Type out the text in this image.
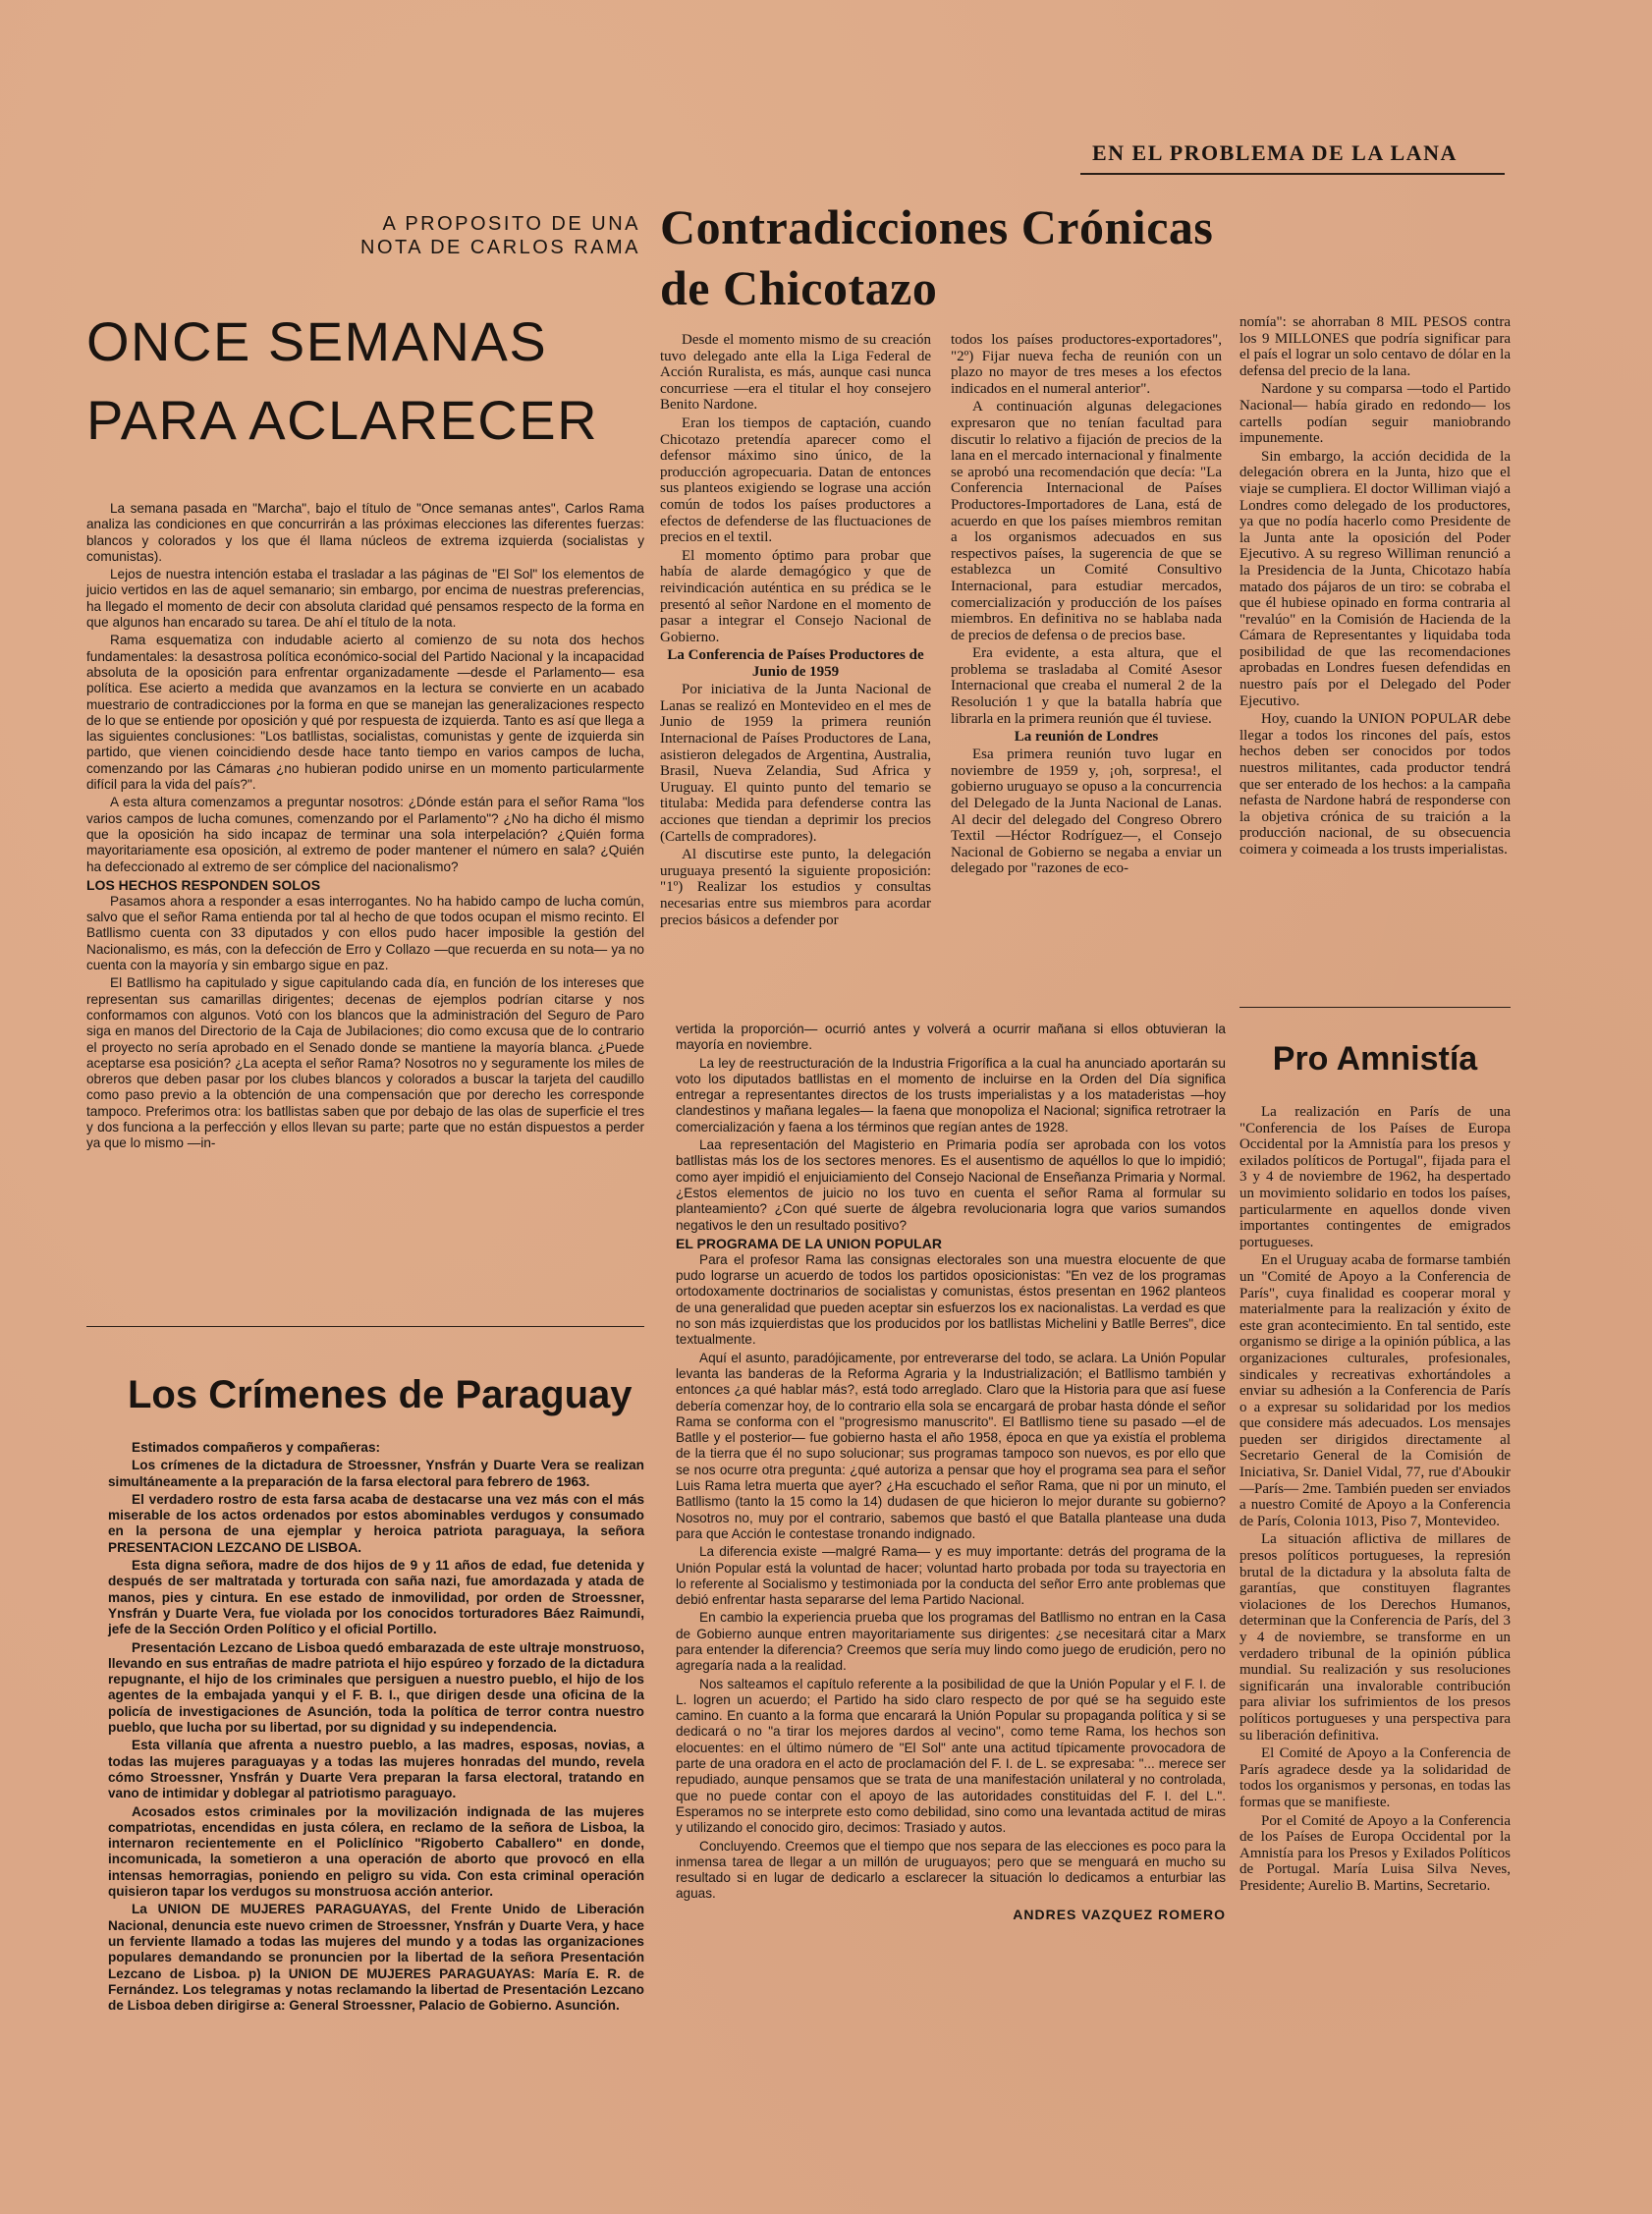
EN EL PROBLEMA DE LA LANA
A PROPOSITO DE UNA
NOTA DE CARLOS RAMA Contradicciones Crónicas
de Chicotazo
ONCE SEMANAS
PARA ACLARECER

La semana pasada en "Marcha", bajo el título de "Once semanas antes", Carlos Rama analiza las condiciones en que concurrirán a las próximas elecciones las diferentes fuerzas: blancos y colorados y los que él llama núcleos de extrema izquierda (socialistas y comunistas).

Lejos de nuestra intención estaba el trasladar a las páginas de "El Sol" los elementos de juicio vertidos en las de aquel semanario; sin embargo, por encima de nuestras preferencias, ha llegado el momento de decir con absoluta claridad qué pensamos respecto de la forma en que algunos han encarado su tarea. De ahí el título de la nota.

Rama esquematiza con indudable acierto al comienzo de su nota dos hechos fundamentales: la desastrosa política económico-social del Partido Nacional y la incapacidad absoluta de la oposición para enfrentar organizadamente —desde el Parlamento— esa política. Ese acierto a medida que avanzamos en la lectura se convierte en un acabado muestrario de contradicciones por la forma en que se manejan las generalizaciones respecto de lo que se entiende por oposición y qué por respuesta de izquierda. Tanto es así que llega a las siguientes conclusiones: "Los batllistas, socialistas, comunistas y gente de izquierda sin partido, que vienen coincidiendo desde hace tanto tiempo en varios campos de lucha, comenzando por las Cámaras ¿no hubieran podido unirse en un momento particularmente difícil para la vida del país?".

A esta altura comenzamos a preguntar nosotros: ¿Dónde están para el señor Rama "los varios campos de lucha comunes, comenzando por el Parlamento"? ¿No ha dicho él mismo que la oposición ha sido incapaz de terminar una sola interpelación? ¿Quién forma mayoritariamente esa oposición, al extremo de poder mantener el número en sala? ¿Quién ha defeccionado al extremo de ser cómplice del nacionalismo?

LOS HECHOS RESPONDEN SOLOS

Pasamos ahora a responder a esas interrogantes. No ha habido campo de lucha común, salvo que el señor Rama entienda por tal al hecho de que todos ocupan el mismo recinto. El Batllismo cuenta con 33 diputados y con ellos pudo hacer imposible la gestión del Nacionalismo, es más, con la defección de Erro y Collazo —que recuerda en su nota— ya no cuenta con la mayoría y sin embargo sigue en paz.

El Batllismo ha capitulado y sigue capitulando cada día, en función de los intereses que representan sus camarillas dirigentes; decenas de ejemplos podrían citarse y nos conformamos con algunos. Votó con los blancos que la administración del Seguro de Paro siga en manos del Directorio de la Caja de Jubilaciones; dio como excusa que de lo contrario el proyecto no sería aprobado en el Senado donde se mantiene la mayoría blanca. ¿Puede aceptarse esa posición? ¿La acepta el señor Rama? Nosotros no y seguramente los miles de obreros que deben pasar por los clubes blancos y colorados a buscar la tarjeta del caudillo como paso previo a la obtención de una compensación que por derecho les corresponde tampoco. Preferimos otra: los batllistas saben que por debajo de las olas de superficie el tres y dos funciona a la perfección y ellos llevan su parte; parte que no están dispuestos a perder ya que lo mismo —in-

Desde el momento mismo de su creación tuvo delegado ante ella la Liga Federal de Acción Ruralista, es más, aunque casi nunca concurriese —era el titular el hoy consejero Benito Nardone.

Eran los tiempos de captación, cuando Chicotazo pretendía aparecer como el defensor máximo sino único, de la producción agropecuaria. Datan de entonces sus planteos exigiendo se lograse una acción común de todos los países productores a efectos de defenderse de las fluctuaciones de precios en el textil.

El momento óptimo para probar que había de alarde demagógico y que de reivindicación auténtica en su prédica se le presentó al señor Nardone en el momento de pasar a integrar el Consejo Nacional de Gobierno.

La Conferencia de Países Productores de Junio de 1959

Por iniciativa de la Junta Nacional de Lanas se realizó en Montevideo en el mes de Junio de 1959 la primera reunión Internacional de Países Productores de Lana, asistieron delegados de Argentina, Australia, Brasil, Nueva Zelandia, Sud Africa y Uruguay. El quinto punto del temario se titulaba: Medida para defenderse contra las acciones que tiendan a deprimir los precios (Cartells de compradores).

Al discutirse este punto, la delegación uruguaya presentó la siguiente proposición: "1º) Realizar los estudios y consultas necesarias entre sus miembros para acordar precios básicos a defender por

todos los países productores-exportadores", "2º) Fijar nueva fecha de reunión con un plazo no mayor de tres meses a los efectos indicados en el numeral anterior".

A continuación algunas delegaciones expresaron que no tenían facultad para discutir lo relativo a fijación de precios de la lana en el mercado internacional y finalmente se aprobó una recomendación que decía: "La Conferencia Internacional de Países Productores-Importadores de Lana, está de acuerdo en que los países miembros remitan a los organismos adecuados en sus respectivos países, la sugerencia de que se establezca un Comité Consultivo Internacional, para estudiar mercados, comercialización y producción de los países miembros. En definitiva no se hablaba nada de precios de defensa o de precios base.

Era evidente, a esta altura, que el problema se trasladaba al Comité Asesor Internacional que creaba el numeral 2 de la Resolución 1 y que la batalla habría que librarla en la primera reunión que él tuviese.

La reunión de Londres

Esa primera reunión tuvo lugar en noviembre de 1959 y, ¡oh, sorpresa!, el gobierno uruguayo se opuso a la concurrencia del Delegado de la Junta Nacional de Lanas. Al decir del delegado del Congreso Obrero Textil —Héctor Rodríguez—, el Consejo Nacional de Gobierno se negaba a enviar un delegado por "razones de eco-

nomía": se ahorraban 8 MIL PESOS contra los 9 MILLONES que podría significar para el país el lograr un solo centavo de dólar en la defensa del precio de la lana.

Nardone y su comparsa —todo el Partido Nacional— había girado en redondo— los cartells podían seguir maniobrando impunemente.

Sin embargo, la acción decidida de la delegación obrera en la Junta, hizo que el viaje se cumpliera. El doctor Williman viajó a Londres como delegado de los productores, ya que no podía hacerlo como Presidente de la Junta ante la oposición del Poder Ejecutivo. A su regreso Williman renunció a la Presidencia de la Junta, Chicotazo había matado dos pájaros de un tiro: se cobraba el que él hubiese opinado en forma contraria al "revalúo" en la Comisión de Hacienda de la Cámara de Representantes y liquidaba toda posibilidad de que las recomendaciones aprobadas en Londres fuesen defendidas en nuestro país por el Delegado del Poder Ejecutivo.

Hoy, cuando la UNION POPULAR debe llegar a todos los rincones del país, estos hechos deben ser conocidos por todos nuestros militantes, cada productor tendrá que ser enterado de los hechos: a la campaña nefasta de Nardone habrá de responderse con la objetiva crónica de su traición a la producción nacional, de su obsecuencia coimera y coimeada a los trusts imperialistas.

vertida la proporción— ocurrió antes y volverá a ocurrir mañana si ellos obtuvieran la mayoría en noviembre.

La ley de reestructuración de la Industria Frigorífica a la cual ha anunciado aportarán su voto los diputados batllistas en el momento de incluirse en la Orden del Día significa entregar a representantes directos de los trusts imperialistas y a los mataderistas —hoy clandestinos y mañana legales— la faena que monopoliza el Nacional; significa retrotraer la comercialización y faena a los términos que regían antes de 1928.

Laa representación del Magisterio en Primaria podía ser aprobada con los votos batllistas más los de los sectores menores. Es el ausentismo de aquéllos lo que lo impidió; como ayer impidió el enjuiciamiento del Consejo Nacional de Enseñanza Primaria y Normal. ¿Estos elementos de juicio no los tuvo en cuenta el señor Rama al formular su planteamiento? ¿Con qué suerte de álgebra revolucionaria logra que varios sumandos negativos le den un resultado positivo?

EL PROGRAMA DE LA UNION POPULAR

Para el profesor Rama las consignas electorales son una muestra elocuente de que pudo lograrse un acuerdo de todos los partidos oposicionistas: "En vez de los programas ortodoxamente doctrinarios de socialistas y comunistas, éstos presentan en 1962 planteos de una generalidad que pueden aceptar sin esfuerzos los ex nacionalistas. La verdad es que no son más izquierdistas que los producidos por los batllistas Michelini y Batlle Berres", dice textualmente.

Aquí el asunto, paradójicamente, por entreverarse del todo, se aclara. La Unión Popular levanta las banderas de la Reforma Agraria y la Industrialización; el Batllismo también y entonces ¿a qué hablar más?, está todo arreglado. Claro que la Historia para que así fuese debería comenzar hoy, de lo contrario ella sola se encargará de probar hasta dónde el señor Rama se conforma con el "progresismo manuscrito". El Batllismo tiene su pasado —el de Batlle y el posterior— fue gobierno hasta el año 1958, época en que ya existía el problema de la tierra que él no supo solucionar; sus programas tampoco son nuevos, es por ello que se nos ocurre otra pregunta: ¿qué autoriza a pensar que hoy el programa sea para el señor Luis Rama letra muerta que ayer? ¿Ha escuchado el señor Rama, que ni por un minuto, el Batllismo (tanto la 15 como la 14) dudasen de que hicieron lo mejor durante su gobierno? Nosotros no, muy por el contrario, sabemos que bastó el que Batalla plantease una duda para que Acción le contestase tronando indignado.

La diferencia existe —malgré Rama— y es muy importante: detrás del programa de la Unión Popular está la voluntad de hacer; voluntad harto probada por toda su trayectoria en lo referente al Socialismo y testimoniada por la conducta del señor Erro ante problemas que debió enfrentar hasta separarse del lema Partido Nacional.

En cambio la experiencia prueba que los programas del Batllismo no entran en la Casa de Gobierno aunque entren mayoritariamente sus dirigentes: ¿se necesitará citar a Marx para entender la diferencia? Creemos que sería muy lindo como juego de erudición, pero no agregaría nada a la realidad.

Nos salteamos el capítulo referente a la posibilidad de que la Unión Popular y el F. I. de L. logren un acuerdo; el Partido ha sido claro respecto de por qué se ha seguido este camino. En cuanto a la forma que encarará la Unión Popular su propaganda política y si se dedicará o no "a tirar los mejores dardos al vecino", como teme Rama, los hechos son elocuentes: en el último número de "El Sol" ante una actitud típicamente provocadora de parte de una oradora en el acto de proclamación del F. I. de L. se expresaba: "... merece ser repudiado, aunque pensamos que se trata de una manifestación unilateral y no controlada, que no puede contar con el apoyo de las autoridades constituidas del F. I. del L.". Esperamos no se interprete esto como debilidad, sino como una levantada actitud de miras y utilizando el conocido giro, decimos: Trasiado y autos.

Concluyendo. Creemos que el tiempo que nos separa de las elecciones es poco para la inmensa tarea de llegar a un millón de uruguayos; pero que se menguará en mucho su resultado si en lugar de dedicarlo a esclarecer la situación lo dedicamos a enturbiar las aguas.

ANDRES VAZQUEZ ROMERO
Los Crímenes de Paraguay

Estimados compañeros y compañeras:

Los crímenes de la dictadura de Stroessner, Ynsfrán y Duarte Vera se realizan simultáneamente a la preparación de la farsa electoral para febrero de 1963.

El verdadero rostro de esta farsa acaba de destacarse una vez más con el más miserable de los actos ordenados por estos abominables verdugos y consumado en la persona de una ejemplar y heroica patriota paraguaya, la señora PRESENTACION LEZCANO DE LISBOA.

Esta digna señora, madre de dos hijos de 9 y 11 años de edad, fue detenida y después de ser maltratada y torturada con saña nazi, fue amordazada y atada de manos, pies y cintura. En ese estado de inmovilidad, por orden de Stroessner, Ynsfrán y Duarte Vera, fue violada por los conocidos torturadores Báez Raimundi, jefe de la Sección Orden Político y el oficial Portillo.

Presentación Lezcano de Lisboa quedó embarazada de este ultraje monstruoso, llevando en sus entrañas de madre patriota el hijo espúreo y forzado de la dictadura repugnante, el hijo de los criminales que persiguen a nuestro pueblo, el hijo de los agentes de la embajada yanqui y el F. B. I., que dirigen desde una oficina de la policía de investigaciones de Asunción, toda la política de terror contra nuestro pueblo, que lucha por su libertad, por su dignidad y su independencia.

Esta villanía que afrenta a nuestro pueblo, a las madres, esposas, novias, a todas las mujeres paraguayas y a todas las mujeres honradas del mundo, revela cómo Stroessner, Ynsfrán y Duarte Vera preparan la farsa electoral, tratando en vano de intimidar y doblegar al patriotismo paraguayo.

Acosados estos criminales por la movilización indignada de las mujeres compatriotas, encendidas en justa cólera, en reclamo de la señora de Lisboa, la internaron recientemente en el Policlínico "Rigoberto Caballero" en donde, incomunicada, la sometieron a una operación de aborto que provocó en ella intensas hemorragias, poniendo en peligro su vida. Con esta criminal operación quisieron tapar los verdugos su monstruosa acción anterior.

La UNION DE MUJERES PARAGUAYAS, del Frente Unido de Liberación Nacional, denuncia este nuevo crimen de Stroessner, Ynsfrán y Duarte Vera, y hace un ferviente llamado a todas las mujeres del mundo y a todas las organizaciones populares demandando se pronuncien por la libertad de la señora Presentación Lezcano de Lisboa. p) la UNION DE MUJERES PARAGUAYAS: María E. R. de Fernández. Los telegramas y notas reclamando la libertad de Presentación Lezcano de Lisboa deben dirigirse a: General Stroessner, Palacio de Gobierno. Asunción.

Pro Amnistía

La realización en París de una "Conferencia de los Países de Europa Occidental por la Amnistía para los presos y exilados políticos de Portugal", fijada para el 3 y 4 de noviembre de 1962, ha despertado un movimiento solidario en todos los países, particularmente en aquellos donde viven importantes contingentes de emigrados portugueses.

En el Uruguay acaba de formarse también un "Comité de Apoyo a la Conferencia de París", cuya finalidad es cooperar moral y materialmente para la realización y éxito de este gran acontecimiento. En tal sentido, este organismo se dirige a la opinión pública, a las organizaciones culturales, profesionales, sindicales y recreativas exhortándoles a enviar su adhesión a la Conferencia de París o a expresar su solidaridad por los medios que considere más adecuados. Los mensajes pueden ser dirigidos directamente al Secretario General de la Comisión de Iniciativa, Sr. Daniel Vidal, 77, rue d'Aboukir —París— 2me. También pueden ser enviados a nuestro Comité de Apoyo a la Conferencia de París, Colonia 1013, Piso 7, Montevideo.

La situación aflictiva de millares de presos políticos portugueses, la represión brutal de la dictadura y la absoluta falta de garantías, que constituyen flagrantes violaciones de los Derechos Humanos, determinan que la Conferencia de París, del 3 y 4 de noviembre, se transforme en un verdadero tribunal de la opinión pública mundial. Su realización y sus resoluciones significarán una invalorable contribución para aliviar los sufrimientos de los presos políticos portugueses y una perspectiva para su liberación definitiva.

El Comité de Apoyo a la Conferencia de París agradece desde ya la solidaridad de todos los organismos y personas, en todas las formas que se manifieste.

Por el Comité de Apoyo a la Conferencia de los Países de Europa Occidental por la Amnistía para los Presos y Exilados Políticos de Portugal. María Luisa Silva Neves, Presidente; Aurelio B. Martins, Secretario.
